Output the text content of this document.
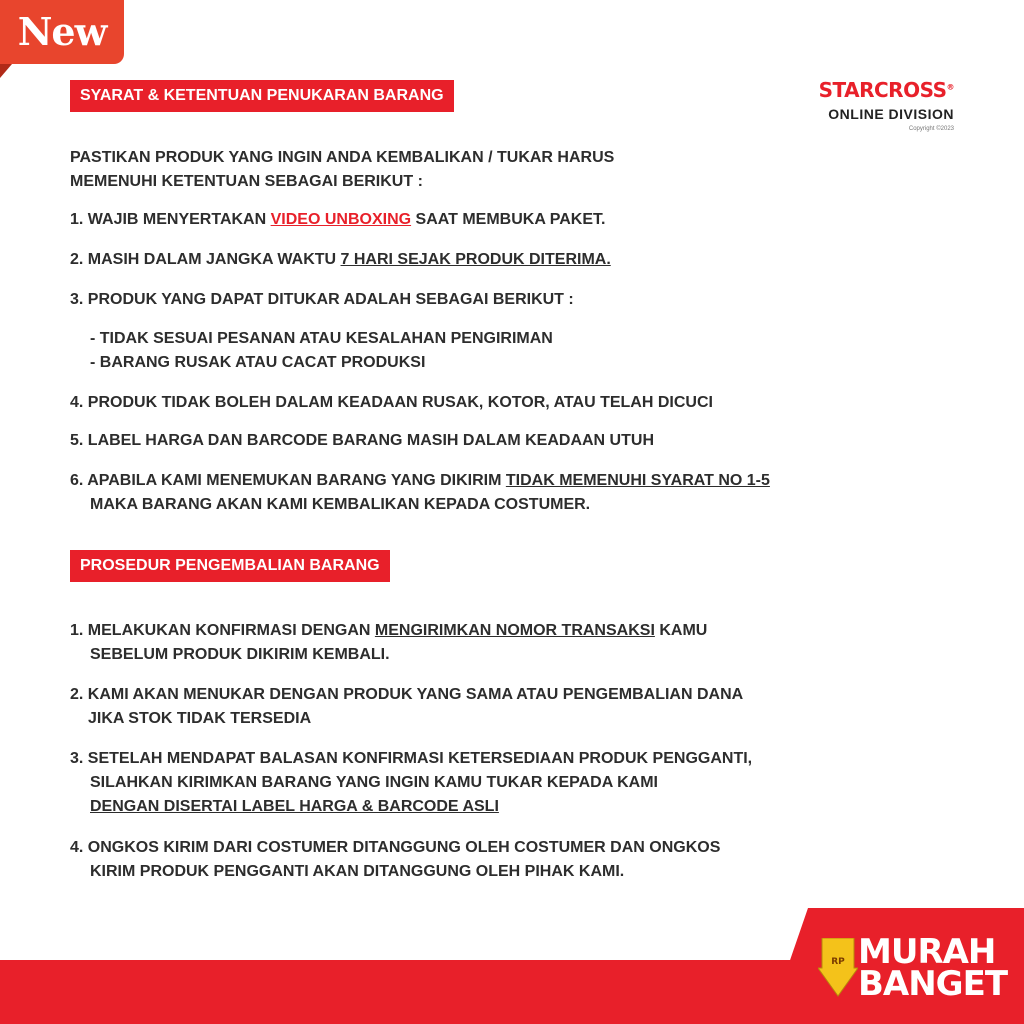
New
STARCROSS®
ONLINE DIVISION
Copyright ©2023
SYARAT & KETENTUAN PENUKARAN BARANG
PASTIKAN PRODUK YANG INGIN ANDA KEMBALIKAN / TUKAR HARUS
MEMENUHI KETENTUAN SEBAGAI BERIKUT :
1. WAJIB MENYERTAKAN VIDEO UNBOXING SAAT MEMBUKA PAKET.
2. MASIH DALAM JANGKA WAKTU 7 HARI SEJAK PRODUK DITERIMA.
3. PRODUK YANG DAPAT DITUKAR ADALAH SEBAGAI BERIKUT :
- TIDAK SESUAI PESANAN ATAU KESALAHAN PENGIRIMAN
- BARANG RUSAK ATAU CACAT PRODUKSI
4. PRODUK TIDAK BOLEH DALAM KEADAAN RUSAK, KOTOR, ATAU TELAH DICUCI
5. LABEL HARGA DAN BARCODE BARANG MASIH DALAM KEADAAN UTUH
6. APABILA KAMI MENEMUKAN BARANG YANG DIKIRIM TIDAK MEMENUHI SYARAT NO 1-5
MAKA BARANG AKAN KAMI KEMBALIKAN KEPADA COSTUMER.
PROSEDUR PENGEMBALIAN BARANG
1. MELAKUKAN KONFIRMASI DENGAN MENGIRIMKAN NOMOR TRANSAKSI KAMU
SEBELUM PRODUK DIKIRIM KEMBALI.
2. KAMI AKAN MENUKAR DENGAN PRODUK YANG SAMA ATAU PENGEMBALIAN DANA
JIKA STOK TIDAK TERSEDIA
3. SETELAH MENDAPAT BALASAN KONFIRMASI KETERSEDIAAN PRODUK PENGGANTI,
SILAHKAN KIRIMKAN BARANG YANG INGIN KAMU TUKAR KEPADA KAMI
DENGAN DISERTAI LABEL HARGA & BARCODE ASLI
4. ONGKOS KIRIM DARI COSTUMER DITANGGUNG OLEH COSTUMER DAN ONGKOS
KIRIM PRODUK PENGGANTI AKAN DITANGGUNG OLEH PIHAK KAMI.
RP MURAH
BANGET
